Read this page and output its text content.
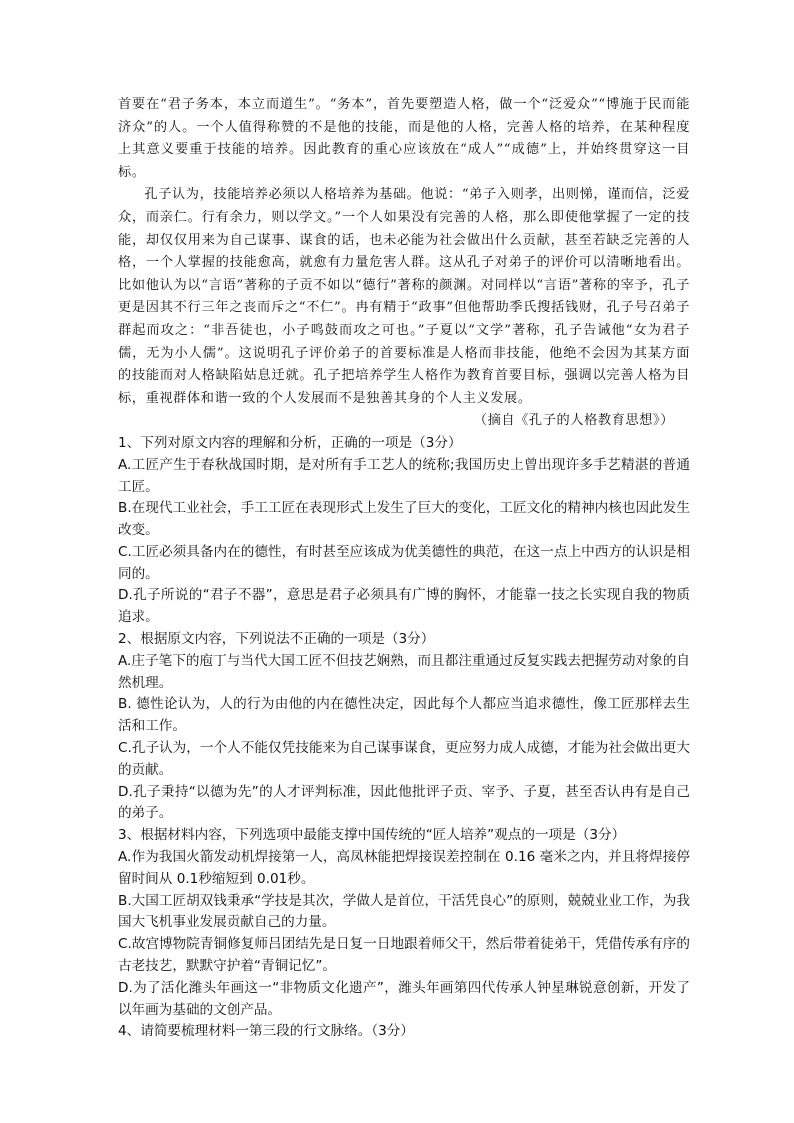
首要在“君子务本，本立而道生”。“务本”，首先要塑造人格，做一个“泛爱众”“博施于民而能济众”的人。一个人值得称赞的不是他的技能，而是他的人格，完善人格的培养，在某种程度上其意义要重于技能的培养。因此教育的重心应该放在“成人”“成德”上，并始终贯穿这一目标。

孔子认为，技能培养必须以人格培养为基础。他说：“弟子入则孝，出则悌，谨而信，泛爱众，而亲仁。行有余力，则以学文。”一个人如果没有完善的人格，那么即使他掌握了一定的技能，却仅仅用来为自己谋事、谋食的话，也未必能为社会做出什么贡献，甚至若缺乏完善的人格，一个人掌握的技能愈高，就愈有力量危害人群。这从孔子对弟子的评价可以清晰地看出。比如他认为以“言语”著称的子贡不如以“德行”著称的颜渊。对同样以“言语”著称的宰予，孔子更是因其不行三年之丧而斥之“不仁”。冉有精于“政事”但他帮助季氏搜括钱财，孔子号召弟子群起而攻之：“非吾徒也，小子鸣鼓而攻之可也。”子夏以“文学”著称，孔子告诫他“女为君子儒，无为小人儒”。这说明孔子评价弟子的首要标准是人格而非技能，他绝不会因为其某方面的技能而对人格缺陷姑息迁就。孔子把培养学生人格作为教育首要目标，强调以完善人格为目标，重视群体和谐一致的个人发展而不是独善其身的个人主义发展。

（摘自《孔子的人格教育思想》）

1、下列对原文内容的理解和分析，正确的一项是（3分）

A.工匠产生于春秋战国时期，是对所有手工艺人的统称;我国历史上曾出现许多手艺精湛的普通工匠。

B.在现代工业社会，手工工匠在表现形式上发生了巨大的变化，工匠文化的精神内核也因此发生改变。

C.工匠必须具备内在的德性，有时甚至应该成为优美德性的典范，在这一点上中西方的认识是相同的。

D.孔子所说的“君子不器”，意思是君子必须具有广博的胸怀，才能靠一技之长实现自我的物质追求。

2、根据原文内容，下列说法不正确的一项是（3分）

A.庄子笔下的庖丁与当代大国工匠不但技艺娴熟，而且都注重通过反复实践去把握劳动对象的自然机理。

B. 德性论认为，人的行为由他的内在德性决定，因此每个人都应当追求德性，像工匠那样去生活和工作。

C.孔子认为，一个人不能仅凭技能来为自己谋事谋食，更应努力成人成德，才能为社会做出更大的贡献。

D.孔子秉持“以德为先”的人才评判标准，因此他批评子贡、宰予、子夏，甚至否认冉有是自己的弟子。

3、根据材料内容，下列选项中最能支撑中国传统的“匠人培养”观点的一项是（3分）

A.作为我国火箭发动机焊接第一人，高凤林能把焊接误差控制在 0.16 毫米之内，并且将焊接停留时间从 0.1秒缩短到 0.01秒。

B.大国工匠胡双钱秉承“学技是其次，学做人是首位，干活凭良心”的原则，兢兢业业工作，为我国大飞机事业发展贡献自己的力量。

C.故宫博物院青铜修复师吕团结先是日复一日地跟着师父干，然后带着徒弟干，凭借传承有序的古老技艺，默默守护着“青铜记忆”。

D.为了活化潍头年画这一“非物质文化遗产”，潍头年画第四代传承人钟星琳锐意创新，开发了以年画为基础的文创产品。

4、请简要梳理材料一第三段的行文脉络。（3分）
